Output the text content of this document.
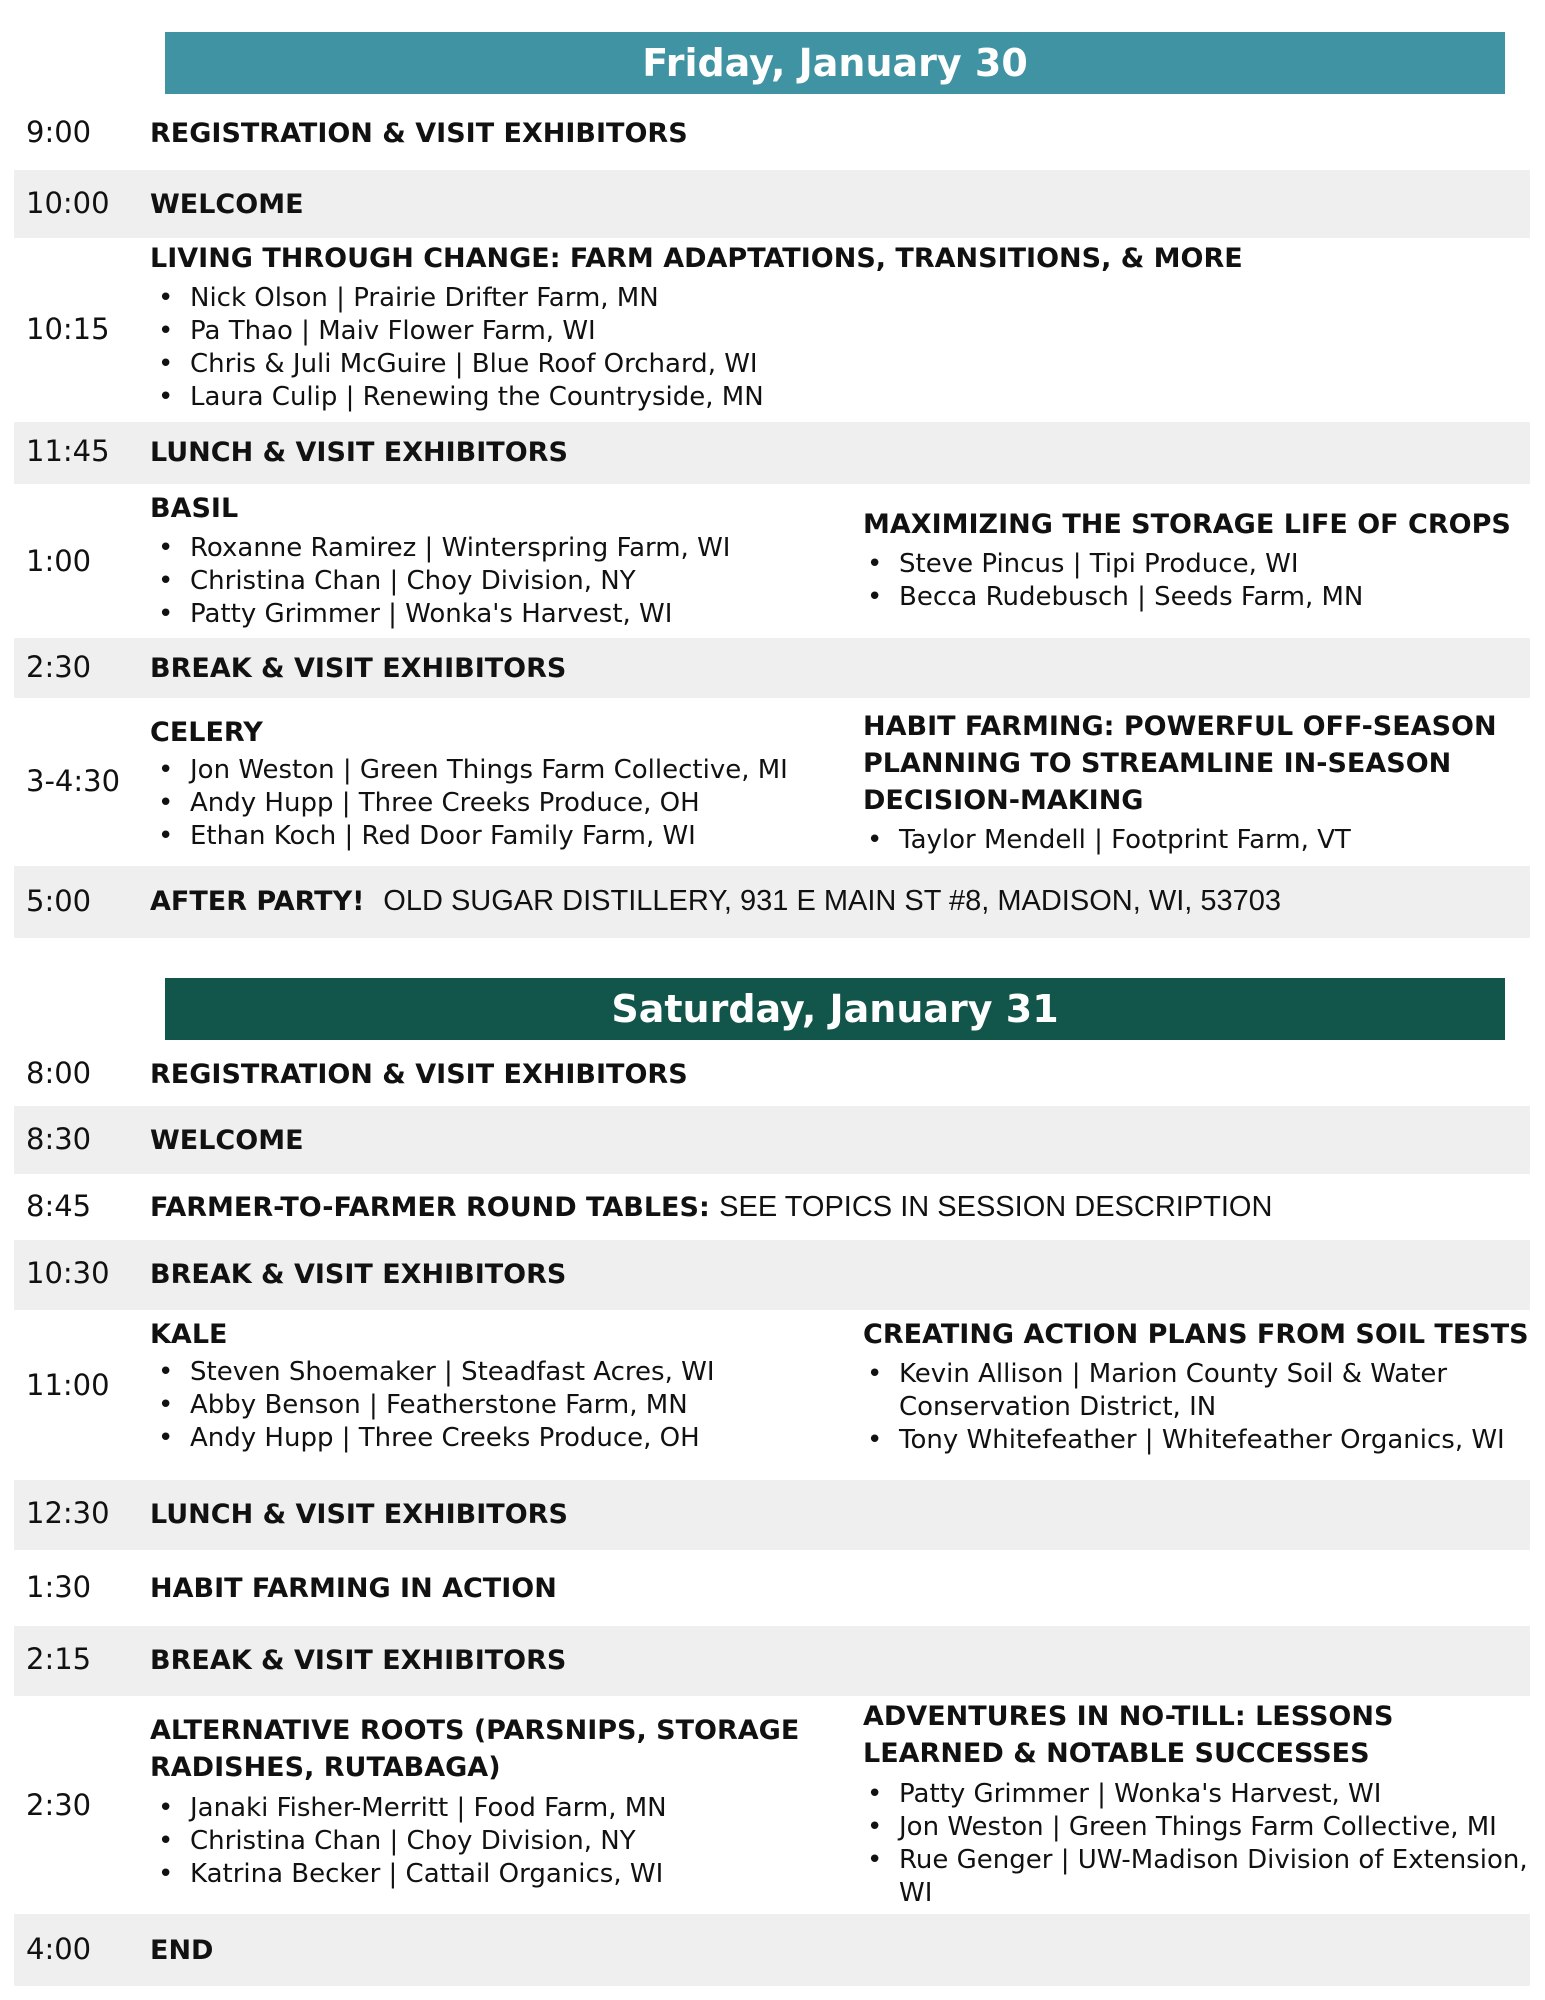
Friday, January 30
9:00 REGISTRATION & VISIT EXHIBITORS
10:00 WELCOME
10:15
LIVING THROUGH CHANGE: FARM ADAPTATIONS, TRANSITIONS, & MORE
• Nick Olson | Prairie Drifter Farm, MN
• Pa Thao | Maiv Flower Farm, WI
• Chris & Juli McGuire | Blue Roof Orchard, WI
• Laura Culip | Renewing the Countryside, MN
11:45 LUNCH & VISIT EXHIBITORS
1:00
BASIL
• Roxanne Ramirez | Winterspring Farm, WI
• Christina Chan | Choy Division, NY
• Patty Grimmer | Wonka's Harvest, WI
MAXIMIZING THE STORAGE LIFE OF CROPS
• Steve Pincus | Tipi Produce, WI
• Becca Rudebusch | Seeds Farm, MN
2:30 BREAK & VISIT EXHIBITORS
3-4:30
CELERY
• Jon Weston | Green Things Farm Collective, MI
• Andy Hupp | Three Creeks Produce, OH
• Ethan Koch | Red Door Family Farm, WI
HABIT FARMING: POWERFUL OFF-SEASON
PLANNING TO STREAMLINE IN-SEASON
DECISION-MAKING
• Taylor Mendell | Footprint Farm, VT
5:00 AFTER PARTY! OLD SUGAR DISTILLERY, 931 E MAIN ST #8, MADISON, WI, 53703
Saturday, January 31
8:00 REGISTRATION & VISIT EXHIBITORS
8:30 WELCOME
8:45 FARMER-TO-FARMER ROUND TABLES: SEE TOPICS IN SESSION DESCRIPTION
10:30 BREAK & VISIT EXHIBITORS
11:00
KALE
• Steven Shoemaker | Steadfast Acres, WI
• Abby Benson | Featherstone Farm, MN
• Andy Hupp | Three Creeks Produce, OH
CREATING ACTION PLANS FROM SOIL TESTS
• Kevin Allison | Marion County Soil & Water Conservation District, IN
• Tony Whitefeather | Whitefeather Organics, WI
12:30 LUNCH & VISIT EXHIBITORS
1:30 HABIT FARMING IN ACTION
2:15 BREAK & VISIT EXHIBITORS
2:30
ALTERNATIVE ROOTS (PARSNIPS, STORAGE
RADISHES, RUTABAGA)
• Janaki Fisher-Merritt | Food Farm, MN
• Christina Chan | Choy Division, NY
• Katrina Becker | Cattail Organics, WI
ADVENTURES IN NO-TILL: LESSONS
LEARNED & NOTABLE SUCCESSES
• Patty Grimmer | Wonka's Harvest, WI
• Jon Weston | Green Things Farm Collective, MI
• Rue Genger | UW-Madison Division of Extension, WI
4:00 END
